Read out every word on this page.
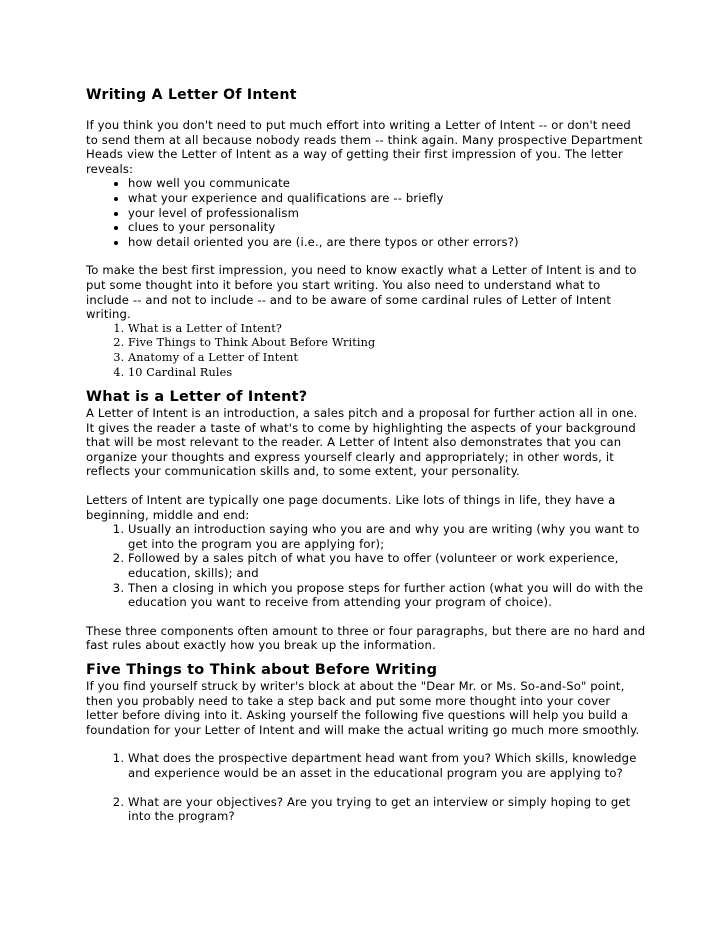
Writing A Letter Of Intent

If you think you don't need to put much effort into writing a Letter of Intent -- or don't need to send them at all because nobody reads them -- think again. Many prospective Department Heads view the Letter of Intent as a way of getting their first impression of you. The letter reveals:

• how well you communicate
• what your experience and qualifications are -- briefly
• your level of professionalism
• clues to your personality
• how detail oriented you are (i.e., are there typos or other errors?)

To make the best first impression, you need to know exactly what a Letter of Intent is and to put some thought into it before you start writing. You also need to understand what to include -- and not to include -- and to be aware of some cardinal rules of Letter of Intent writing.

1. What is a Letter of Intent?
2. Five Things to Think About Before Writing
3. Anatomy of a Letter of Intent
4. 10 Cardinal Rules
What is a Letter of Intent?

A Letter of Intent is an introduction, a sales pitch and a proposal for further action all in one. It gives the reader a taste of what's to come by highlighting the aspects of your background that will be most relevant to the reader. A Letter of Intent also demonstrates that you can organize your thoughts and express yourself clearly and appropriately; in other words, it reflects your communication skills and, to some extent, your personality.

Letters of Intent are typically one page documents. Like lots of things in life, they have a beginning, middle and end:

1. Usually an introduction saying who you are and why you are writing (why you want to get into the program you are applying for);
2. Followed by a sales pitch of what you have to offer (volunteer or work experience, education, skills); and
3. Then a closing in which you propose steps for further action (what you will do with the education you want to receive from attending your program of choice).

These three components often amount to three or four paragraphs, but there are no hard and fast rules about exactly how you break up the information.

Five Things to Think about Before Writing

If you find yourself struck by writer's block at about the "Dear Mr. or Ms. So-and-So" point, then you probably need to take a step back and put some more thought into your cover letter before diving into it. Asking yourself the following five questions will help you build a foundation for your Letter of Intent and will make the actual writing go much more smoothly.

1. What does the prospective department head want from you? Which skills, knowledge and experience would be an asset in the educational program you are applying to?
2. What are your objectives? Are you trying to get an interview or simply hoping to get into the program?
